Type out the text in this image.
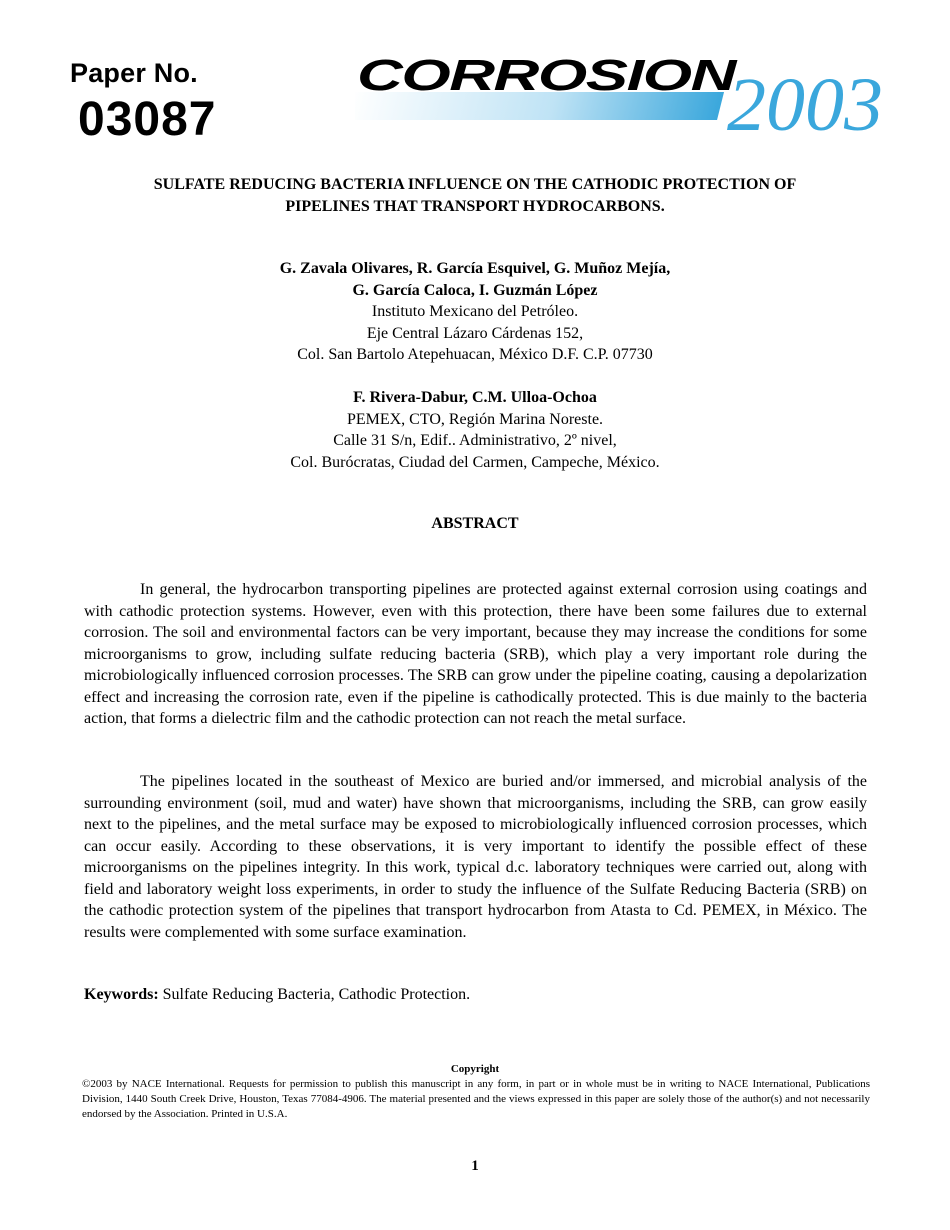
Paper No.
03087
CORROSION
2003
SULFATE REDUCING BACTERIA INFLUENCE ON THE CATHODIC PROTECTION OF
PIPELINES THAT TRANSPORT HYDROCARBONS.
G. Zavala Olivares, R. García Esquivel, G. Muñoz Mejía,
G. García Caloca, I. Guzmán López
Instituto Mexicano del Petróleo.
Eje Central Lázaro Cárdenas 152,
Col. San Bartolo Atepehuacan, México D.F. C.P. 07730
F. Rivera-Dabur, C.M. Ulloa-Ochoa
PEMEX, CTO, Región Marina Noreste.
Calle 31 S/n, Edif.. Administrativo, 2º nivel,
Col. Burócratas, Ciudad del Carmen, Campeche, México.
ABSTRACT
In general, the hydrocarbon transporting pipelines are protected against external corrosion using coatings and with cathodic protection systems. However, even with this protection, there have been some failures due to external corrosion. The soil and environmental factors can be very important, because they may increase the conditions for some microorganisms to grow, including sulfate reducing bacteria (SRB), which play a very important role during the microbiologically influenced corrosion processes. The SRB can grow under the pipeline coating, causing a depolarization effect and increasing the corrosion rate, even if the pipeline is cathodically protected. This is due mainly to the bacteria action, that forms a dielectric film and the cathodic protection can not reach the metal surface.
The pipelines located in the southeast of Mexico are buried and/or immersed, and microbial analysis of the surrounding environment (soil, mud and water) have shown that microorganisms, including the SRB, can grow easily next to the pipelines, and the metal surface may be exposed to microbiologically influenced corrosion processes, which can occur easily. According to these observations, it is very important to identify the possible effect of these microorganisms on the pipelines integrity. In this work, typical d.c. laboratory techniques were carried out, along with field and laboratory weight loss experiments, in order to study the influence of the Sulfate Reducing Bacteria (SRB) on the cathodic protection system of the pipelines that transport hydrocarbon from Atasta to Cd. PEMEX, in México. The results were complemented with some surface examination.
Keywords: Sulfate Reducing Bacteria, Cathodic Protection.
Copyright
©2003 by NACE International. Requests for permission to publish this manuscript in any form, in part or in whole must be in writing to NACE International, Publications Division, 1440 South Creek Drive, Houston, Texas 77084-4906. The material presented and the views expressed in this paper are solely those of the author(s) and not necessarily endorsed by the Association. Printed in U.S.A.
1
